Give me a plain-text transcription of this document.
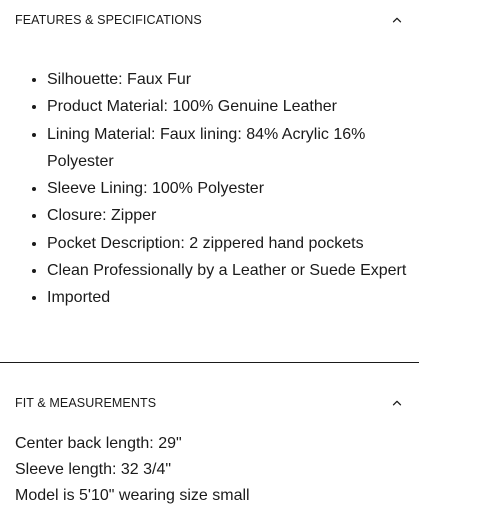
FEATURES & SPECIFICATIONS
• Silhouette: Faux Fur
• Product Material: 100% Genuine Leather
• Lining Material: Faux lining: 84% Acrylic 16% Polyester
• Sleeve Lining: 100% Polyester
• Closure: Zipper
• Pocket Description: 2 zippered hand pockets
• Clean Professionally by a Leather or Suede Expert
• Imported
FIT & MEASUREMENTS
Center back length: 29"
Sleeve length: 32 3/4"
Model is 5'10" wearing size small
